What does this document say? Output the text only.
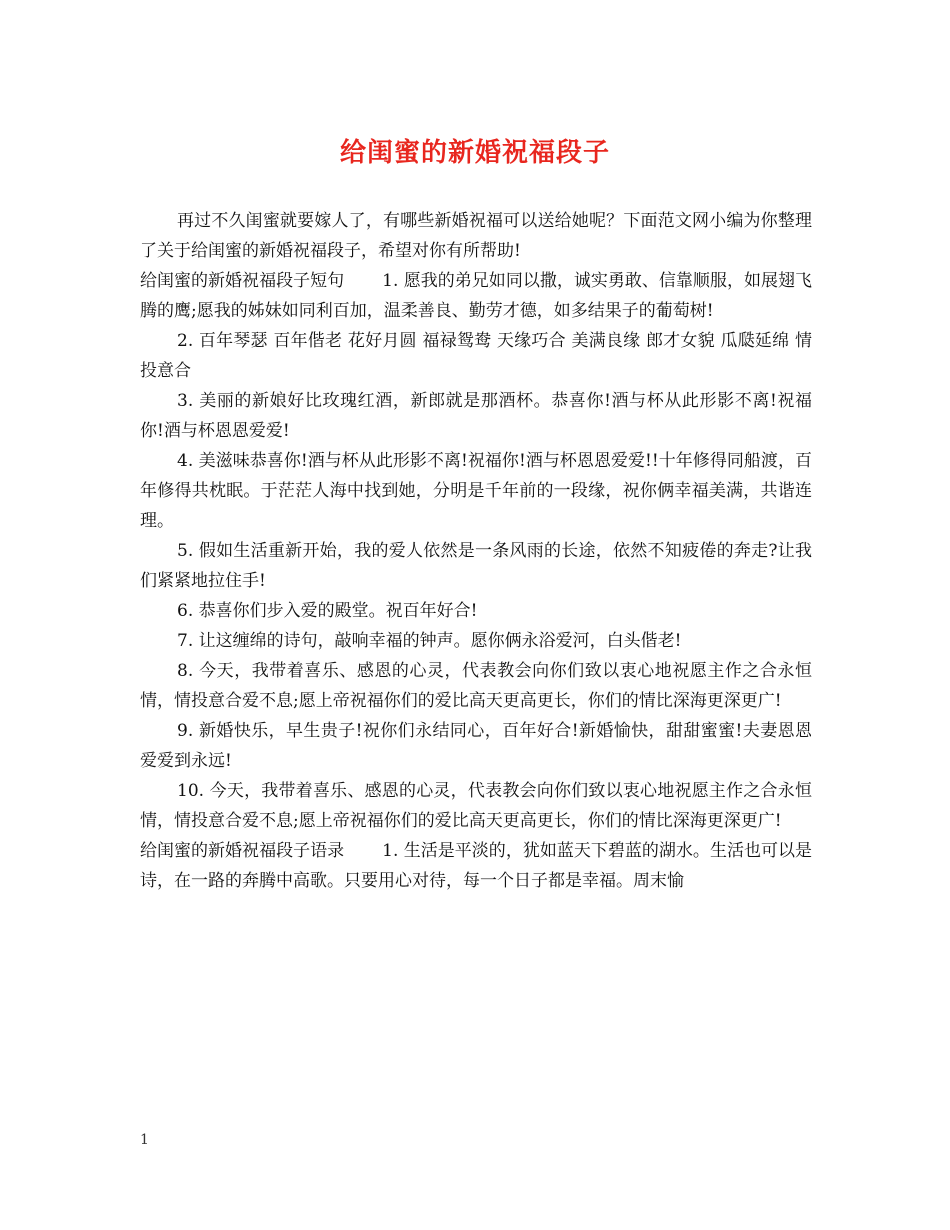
给闺蜜的新婚祝福段子

再过不久闺蜜就要嫁人了，有哪些新婚祝福可以送给她呢？下面范文网小编为你整理了关于给闺蜜的新婚祝福段子，希望对你有所帮助!

给闺蜜的新婚祝福段子短句 1. 愿我的弟兄如同以撒，诚实勇敢、信靠顺服，如展翅飞腾的鹰;愿我的姊妹如同利百加，温柔善良、勤劳才德，如多结果子的葡萄树!

2. 百年琴瑟 百年偕老 花好月圆 福禄鸳鸯 天缘巧合 美满良缘 郎才女貌 瓜瓞延绵 情投意合

3. 美丽的新娘好比玫瑰红酒，新郎就是那酒杯。恭喜你!酒与杯从此形影不离!祝福你!酒与杯恩恩爱爱!

4. 美滋味恭喜你!酒与杯从此形影不离!祝福你!酒与杯恩恩爱爱!!十年修得同船渡，百年修得共枕眠。于茫茫人海中找到她，分明是千年前的一段缘，祝你俩幸福美满，共谐连理。

5. 假如生活重新开始，我的爱人依然是一条风雨的长途，依然不知疲倦的奔走?让我们紧紧地拉住手!

6. 恭喜你们步入爱的殿堂。祝百年好合!

7. 让这缠绵的诗句，敲响幸福的钟声。愿你俩永浴爱河，白头偕老!

8. 今天，我带着喜乐、感恩的心灵，代表教会向你们致以衷心地祝愿主作之合永恒情，情投意合爱不息;愿上帝祝福你们的爱比高天更高更长，你们的情比深海更深更广!

9. 新婚快乐，早生贵子!祝你们永结同心，百年好合!新婚愉快，甜甜蜜蜜!夫妻恩恩爱爱到永远!

10. 今天，我带着喜乐、感恩的心灵，代表教会向你们致以衷心地祝愿主作之合永恒情，情投意合爱不息;愿上帝祝福你们的爱比高天更高更长，你们的情比深海更深更广!

给闺蜜的新婚祝福段子语录 1. 生活是平淡的，犹如蓝天下碧蓝的湖水。生活也可以是诗，在一路的奔腾中高歌。只要用心对待，每一个日子都是幸福。周末愉

1
